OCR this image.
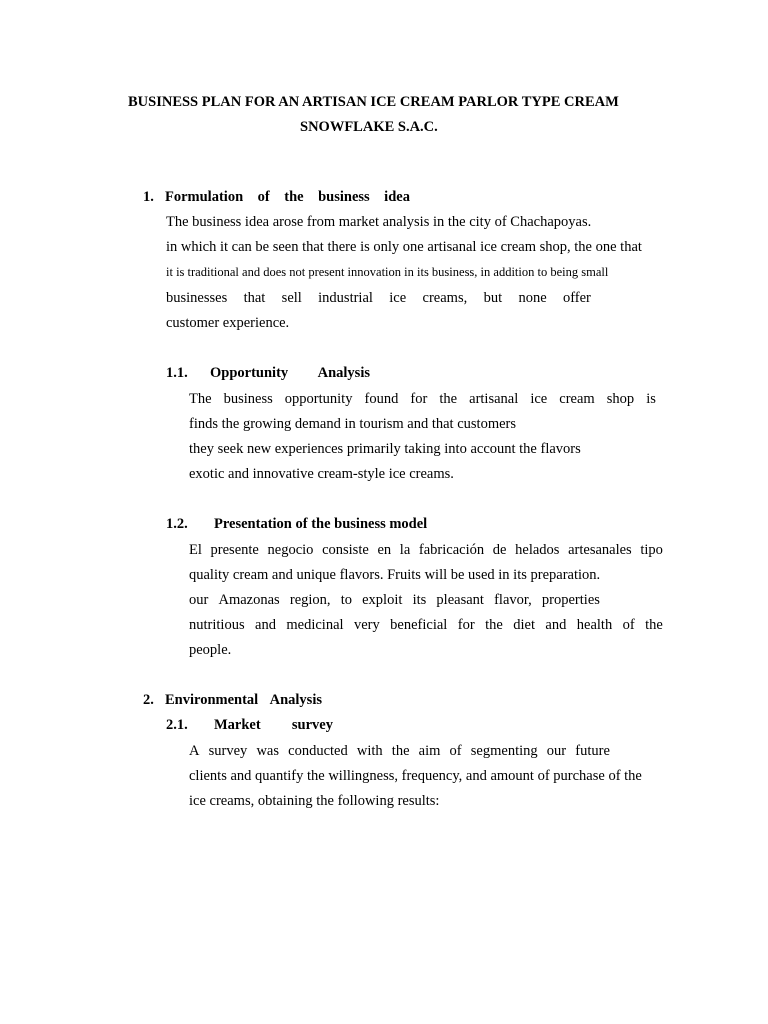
BUSINESS PLAN FOR AN ARTISAN ICE CREAM PARLOR TYPE CREAM
SNOWFLAKE S.A.C.
1. Formulation of the business idea
The business idea arose from market analysis in the city of Chachapoyas.
in which it can be seen that there is only one artisanal ice cream shop, the one that
it is traditional and does not present innovation in its business, in addition to being small
businesses that sell industrial ice creams, but none offer
customer experience.
1.1. Opportunity Analysis
The business opportunity found for the artisanal ice cream shop is
finds the growing demand in tourism and that customers
they seek new experiences primarily taking into account the flavors
exotic and innovative cream-style ice creams.
1.2. Presentation of the business model
El presente negocio consiste en la fabricación de helados artesanales tipo
quality cream and unique flavors. Fruits will be used in its preparation.
our Amazonas region, to exploit its pleasant flavor, properties
nutritious and medicinal very beneficial for the diet and health of the
people.
2. Environmental Analysis
2.1. Market survey
A survey was conducted with the aim of segmenting our future
clients and quantify the willingness, frequency, and amount of purchase of the
ice creams, obtaining the following results:
